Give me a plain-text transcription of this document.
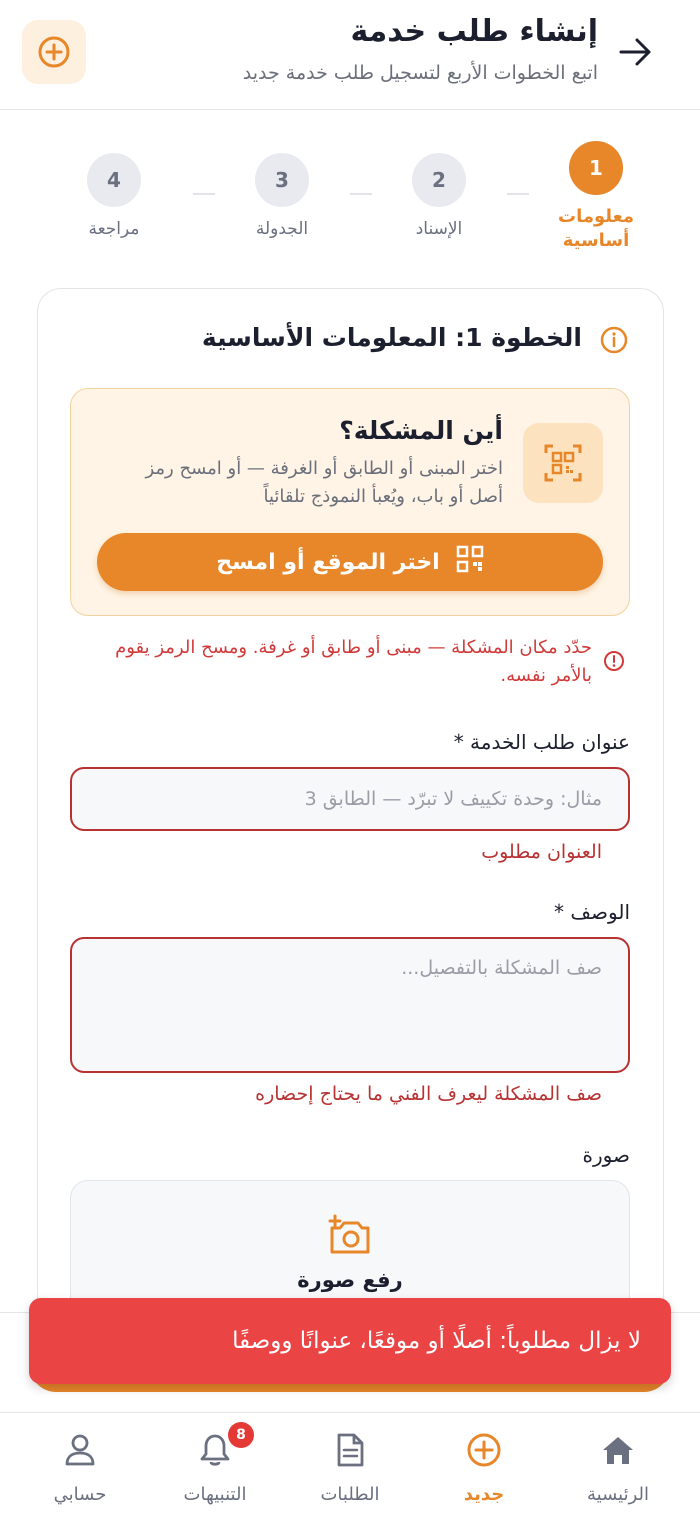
إنشاء طلب خدمة
اتبع الخطوات الأربع لتسجيل طلب خدمة جديد
1
معلومات أساسية
2
الإسناد
3
الجدولة
4
مراجعة
الخطوة 1: المعلومات الأساسية
أين المشكلة؟
اختر المبنى أو الطابق أو الغرفة — أو امسح رمز أصل أو باب، ويُعبأ النموذج تلقائياً
اختر الموقع أو امسح
حدّد مكان المشكلة — مبنى أو طابق أو غرفة. ومسح الرمز يقوم بالأمر نفسه.
عنوان طلب الخدمة *
مثال: وحدة تكييف لا تبرّد — الطابق 3
العنوان مطلوب
الوصف *
صف المشكلة بالتفصيل...
صف المشكلة ليعرف الفني ما يحتاج إحضاره
صورة
رفع صورة
لا يزال مطلوباً: أصلًا أو موقعًا، عنوانًا ووصفًا
الرئيسية
جديد
الطلبات
8
التنبيهات
حسابي
